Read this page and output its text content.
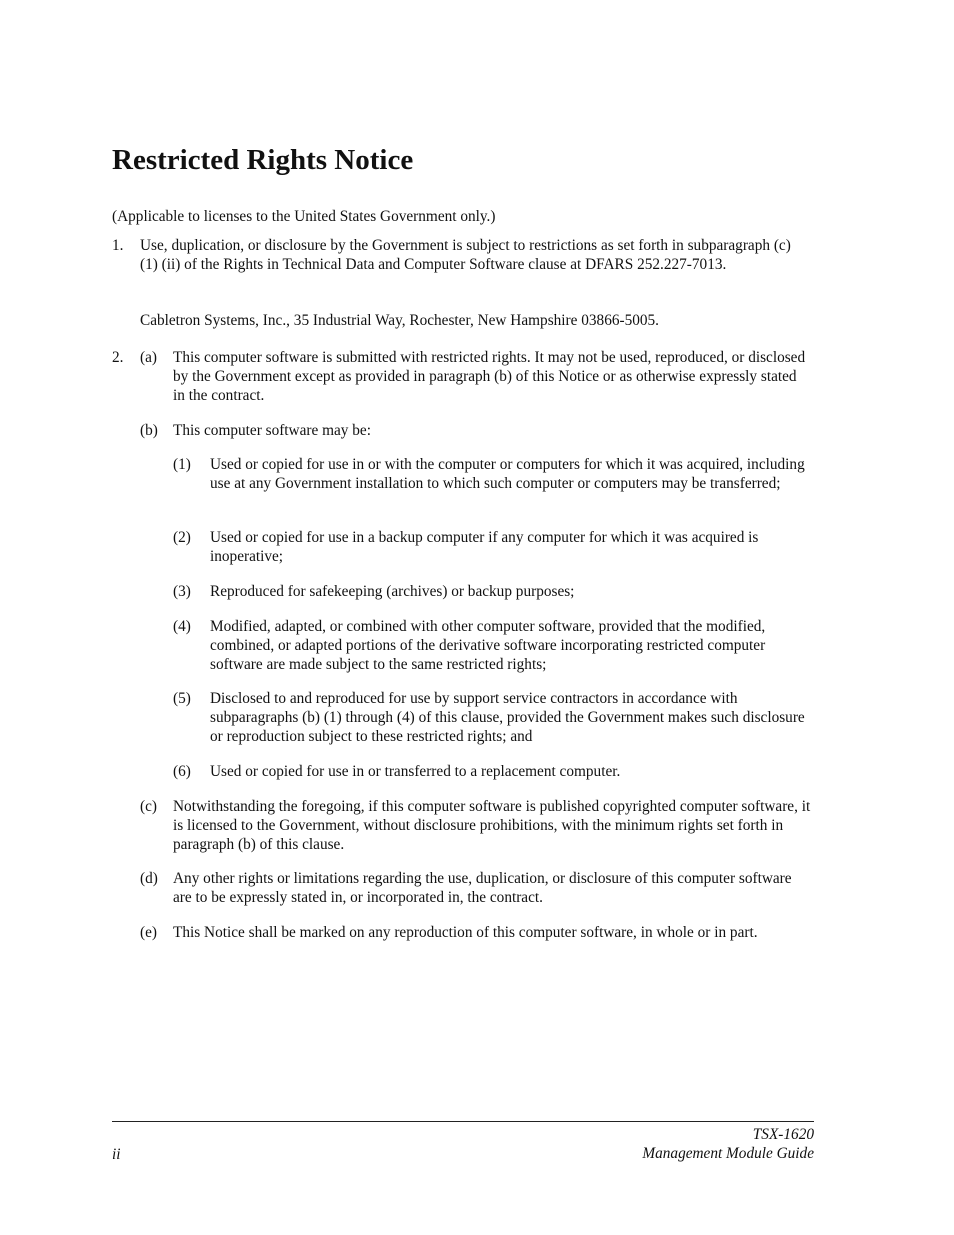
Restricted Rights Notice
(Applicable to licenses to the United States Government only.)
1. Use, duplication, or disclosure by the Government is subject to restrictions as set forth in subparagraph (c) (1) (ii) of the Rights in Technical Data and Computer Software clause at DFARS 252.227-7013.
Cabletron Systems, Inc., 35 Industrial Way, Rochester, New Hampshire 03866-5005.
2. (a) This computer software is submitted with restricted rights. It may not be used, reproduced, or disclosed by the Government except as provided in paragraph (b) of this Notice or as otherwise expressly stated in the contract.
(b) This computer software may be:
(1) Used or copied for use in or with the computer or computers for which it was acquired, including use at any Government installation to which such computer or computers may be transferred;
(2) Used or copied for use in a backup computer if any computer for which it was acquired is inoperative;
(3) Reproduced for safekeeping (archives) or backup purposes;
(4) Modified, adapted, or combined with other computer software, provided that the modified, combined, or adapted portions of the derivative software incorporating restricted computer software are made subject to the same restricted rights;
(5) Disclosed to and reproduced for use by support service contractors in accordance with subparagraphs (b) (1) through (4) of this clause, provided the Government makes such disclosure or reproduction subject to these restricted rights; and
(6) Used or copied for use in or transferred to a replacement computer.
(c) Notwithstanding the foregoing, if this computer software is published copyrighted computer software, it is licensed to the Government, without disclosure prohibitions, with the minimum rights set forth in paragraph (b) of this clause.
(d) Any other rights or limitations regarding the use, duplication, or disclosure of this computer software are to be expressly stated in, or incorporated in, the contract.
(e) This Notice shall be marked on any reproduction of this computer software, in whole or in part.
TSX-1620
Management Module Guide
ii
